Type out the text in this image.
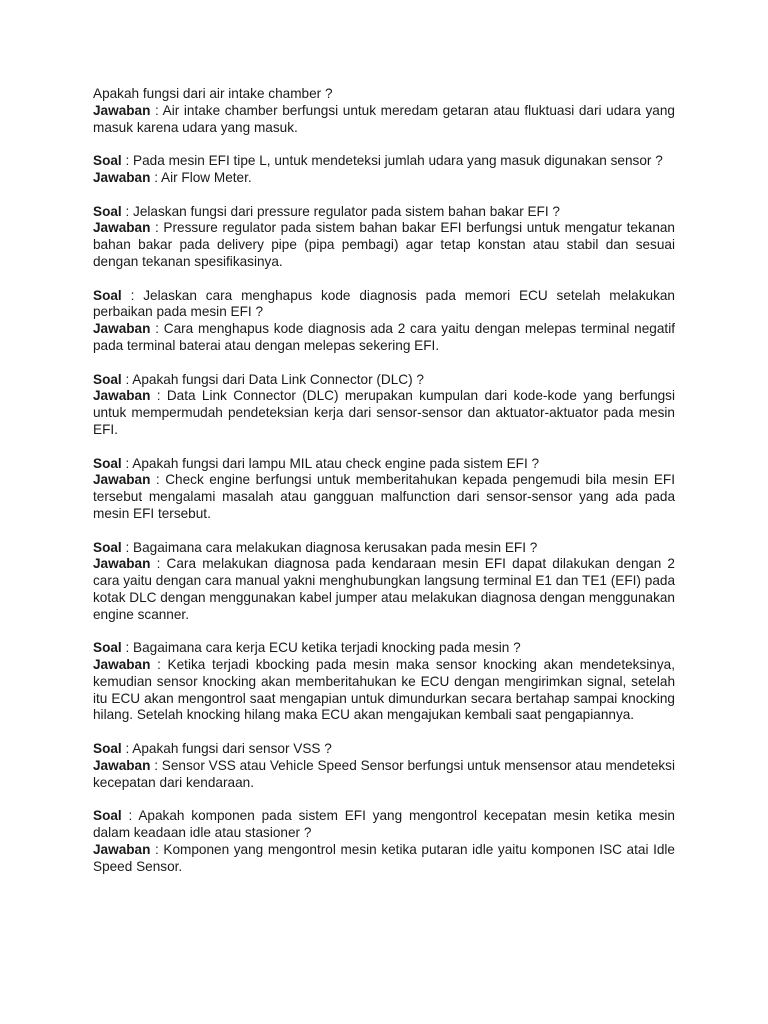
Apakah fungsi dari air intake chamber ?
Jawaban : Air intake chamber berfungsi untuk meredam getaran atau fluktuasi dari udara yang masuk karena udara yang masuk.
Soal : Pada mesin EFI tipe L, untuk mendeteksi jumlah udara yang masuk digunakan sensor ?
Jawaban : Air Flow Meter.
Soal : Jelaskan fungsi dari pressure regulator pada sistem bahan bakar EFI ?
Jawaban : Pressure regulator pada sistem bahan bakar EFI berfungsi untuk mengatur tekanan bahan bakar pada delivery pipe (pipa pembagi) agar tetap konstan atau stabil dan sesuai dengan tekanan spesifikasinya.
Soal : Jelaskan cara menghapus kode diagnosis pada memori ECU setelah melakukan perbaikan pada mesin EFI ?
Jawaban : Cara menghapus kode diagnosis ada 2 cara yaitu dengan melepas terminal negatif pada terminal baterai atau dengan melepas sekering EFI.
Soal : Apakah fungsi dari Data Link Connector (DLC) ?
Jawaban : Data Link Connector (DLC) merupakan kumpulan dari kode-kode yang berfungsi untuk mempermudah pendeteksian kerja dari sensor-sensor dan aktuator-aktuator pada mesin EFI.
Soal : Apakah fungsi dari lampu MIL atau check engine pada sistem EFI ?
Jawaban : Check engine berfungsi untuk memberitahukan kepada pengemudi bila mesin EFI tersebut mengalami masalah atau gangguan malfunction dari sensor-sensor yang ada pada mesin EFI tersebut.
Soal : Bagaimana cara melakukan diagnosa kerusakan pada mesin EFI ?
Jawaban : Cara melakukan diagnosa pada kendaraan mesin EFI dapat dilakukan dengan 2 cara yaitu dengan cara manual yakni menghubungkan langsung terminal E1 dan TE1 (EFI) pada kotak DLC dengan menggunakan kabel jumper atau melakukan diagnosa dengan menggunakan engine scanner.
Soal : Bagaimana cara kerja ECU ketika terjadi knocking pada mesin ?
Jawaban : Ketika terjadi kbocking pada mesin maka sensor knocking akan mendeteksinya, kemudian sensor knocking akan memberitahukan ke ECU dengan mengirimkan signal, setelah itu ECU akan mengontrol saat mengapian untuk dimundurkan secara bertahap sampai knocking hilang. Setelah knocking hilang maka ECU akan mengajukan kembali saat pengapiannya.
Soal : Apakah fungsi dari sensor VSS ?
Jawaban : Sensor VSS atau Vehicle Speed Sensor berfungsi untuk mensensor atau mendeteksi kecepatan dari kendaraan.
Soal : Apakah komponen pada sistem EFI yang mengontrol kecepatan mesin ketika mesin dalam keadaan idle atau stasioner ?
Jawaban : Komponen yang mengontrol mesin ketika putaran idle yaitu komponen ISC atai Idle Speed Sensor.
